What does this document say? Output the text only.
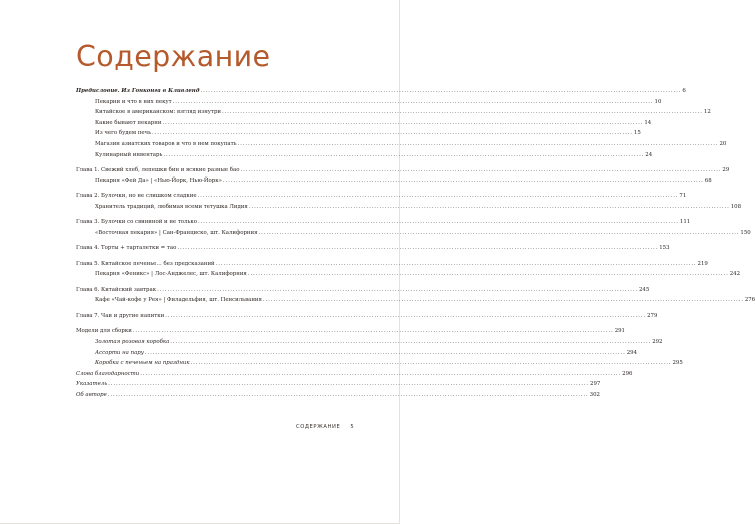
Содержание
Предисловие. Из Гонконга в Кливленд .....	6
Пекарни и что в них пекут .....	10
Китайское в американском: взгляд изнутри .....	12
Какие бывают пекарни .....	14
Из чего будем печь .....	15
Магазин азиатских товаров и что в нем покупать .....	20
Кулинарный инвентарь .....	24
Глава 1. Свежий хлеб, лепешки бин и всякие разные бао .....	29
Пекарня «Фей Да» | «Нью-Йорк, Нью-Йорк» .....	68
Глава 2. Булочки, но не слишком сладкие .....	71
Хранитель традиций, любимая всеми тетушка Лидия .....	108
Глава 3. Булочки со свининой и не только .....	111
«Восточная пекарня» | Сан-Франциско, шт. Калифорния .....	150
Глава 4. Торты + тарталетки = тао .....	153
Глава 5. Китайское печенье… без предсказаний .....	219
Пекарня «Феникс» | Лос-Анджелес, шт. Калифорния .....	242
Глава 6. Китайский завтрак .....	245
Кафе «Чай-кофе у Рея» | Филадельфия, шт. Пенсильвания .....	276
Глава 7. Чаи и другие напитки .....	279
Модели для сборки .....	291
Золотая розовая коробка .....	292
Ассорти на пару .....	294
Коробка с печеньем на праздник .....	295
Слова благодарности .....	296
Указатель .....	297
Об авторе .....	302
СОДЕРЖАНИЕ 5
